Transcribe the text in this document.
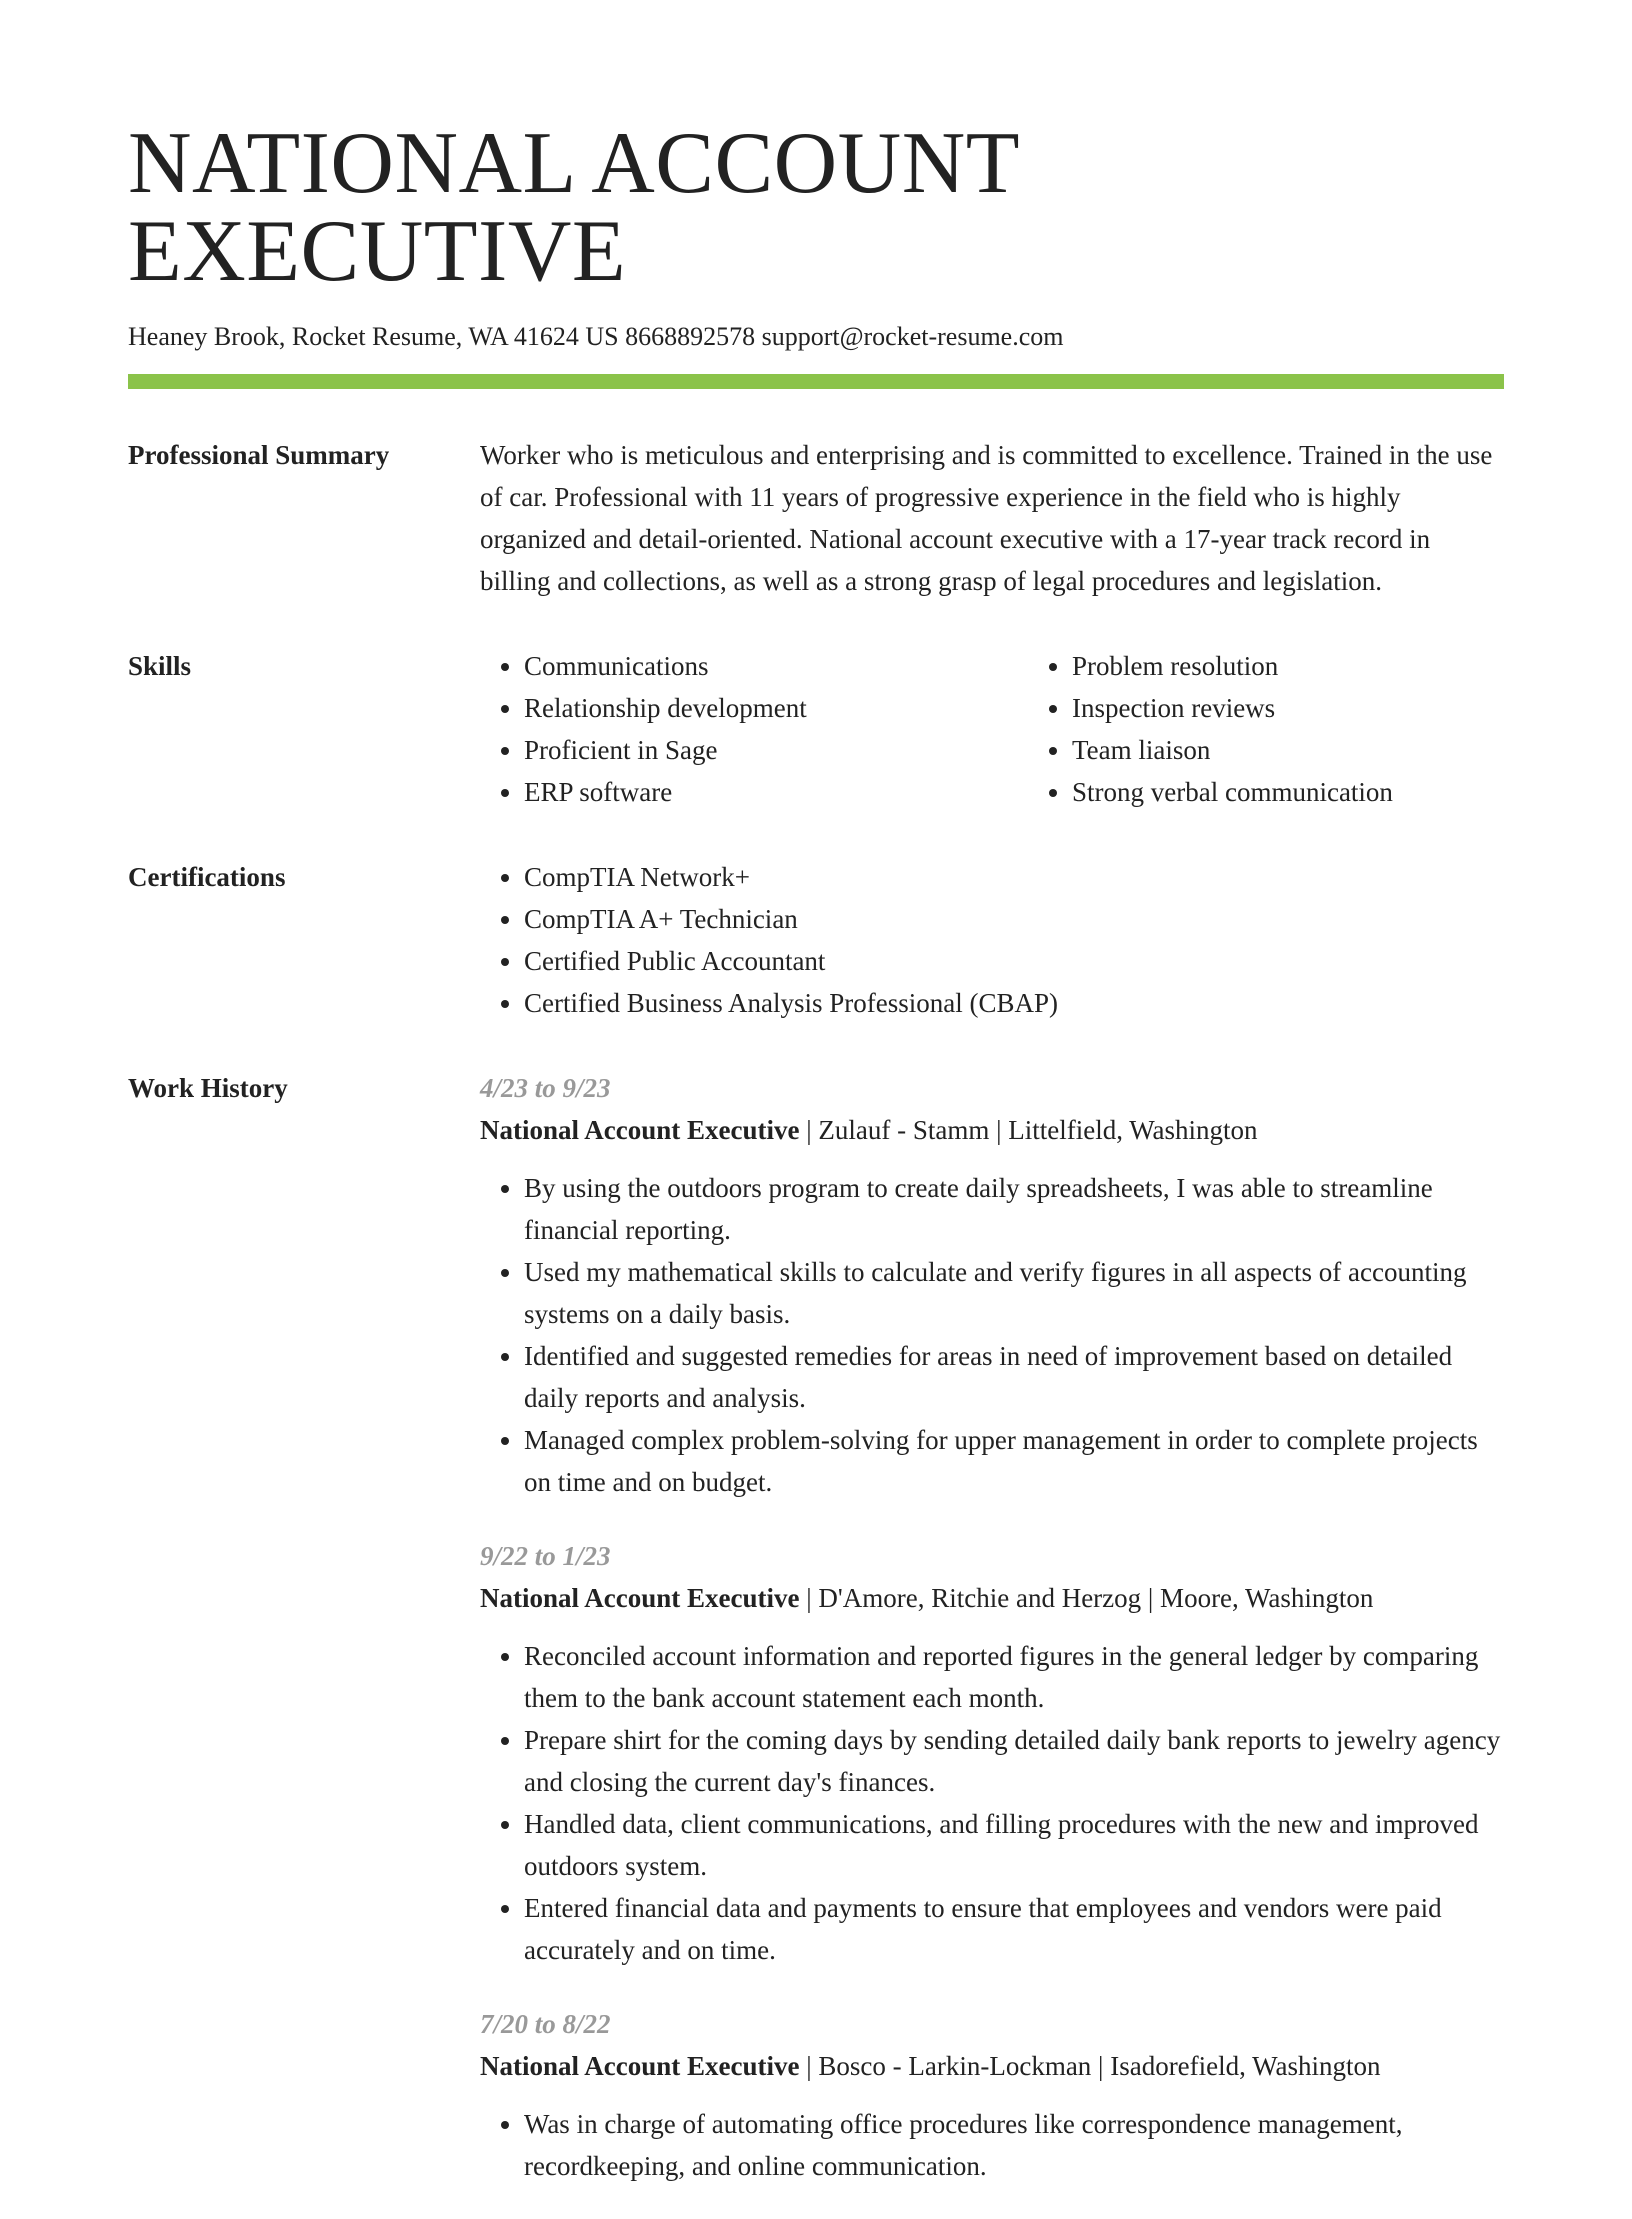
NATIONAL ACCOUNT EXECUTIVE
Heaney Brook, Rocket Resume, WA 41624 US 8668892578 support@rocket-resume.com
Professional Summary	Worker who is meticulous and enterprising and is committed to excellence. Trained in the use of car. Professional with 11 years of progressive experience in the field who is highly organized and detail-oriented. National account executive with a 17-year track record in billing and collections, as well as a strong grasp of legal procedures and legislation.

Skills	• Communications
• Relationship development
• Proficient in Sage
• ERP software
• Problem resolution
• Inspection reviews
• Team liaison
• Strong verbal communication
Certifications	• CompTIA Network+
• CompTIA A+ Technician
• Certified Public Accountant
• Certified Business Analysis Professional (CBAP)
Work History	4/23 to 9/23
National Account Executive | Zulauf - Stamm | Littelfield, Washington
• By using the outdoors program to create daily spreadsheets, I was able to streamline financial reporting.
• Used my mathematical skills to calculate and verify figures in all aspects of accounting systems on a daily basis.
• Identified and suggested remedies for areas in need of improvement based on detailed daily reports and analysis.
• Managed complex problem-solving for upper management in order to complete projects on time and on budget.
9/22 to 1/23
National Account Executive | D'Amore, Ritchie and Herzog | Moore, Washington
• Reconciled account information and reported figures in the general ledger by comparing them to the bank account statement each month.
• Prepare shirt for the coming days by sending detailed daily bank reports to jewelry agency and closing the current day's finances.
• Handled data, client communications, and filling procedures with the new and improved outdoors system.
• Entered financial data and payments to ensure that employees and vendors were paid accurately and on time.
7/20 to 8/22
National Account Executive | Bosco - Larkin-Lockman | Isadorefield, Washington
• Was in charge of automating office procedures like correspondence management, recordkeeping, and online communication.
